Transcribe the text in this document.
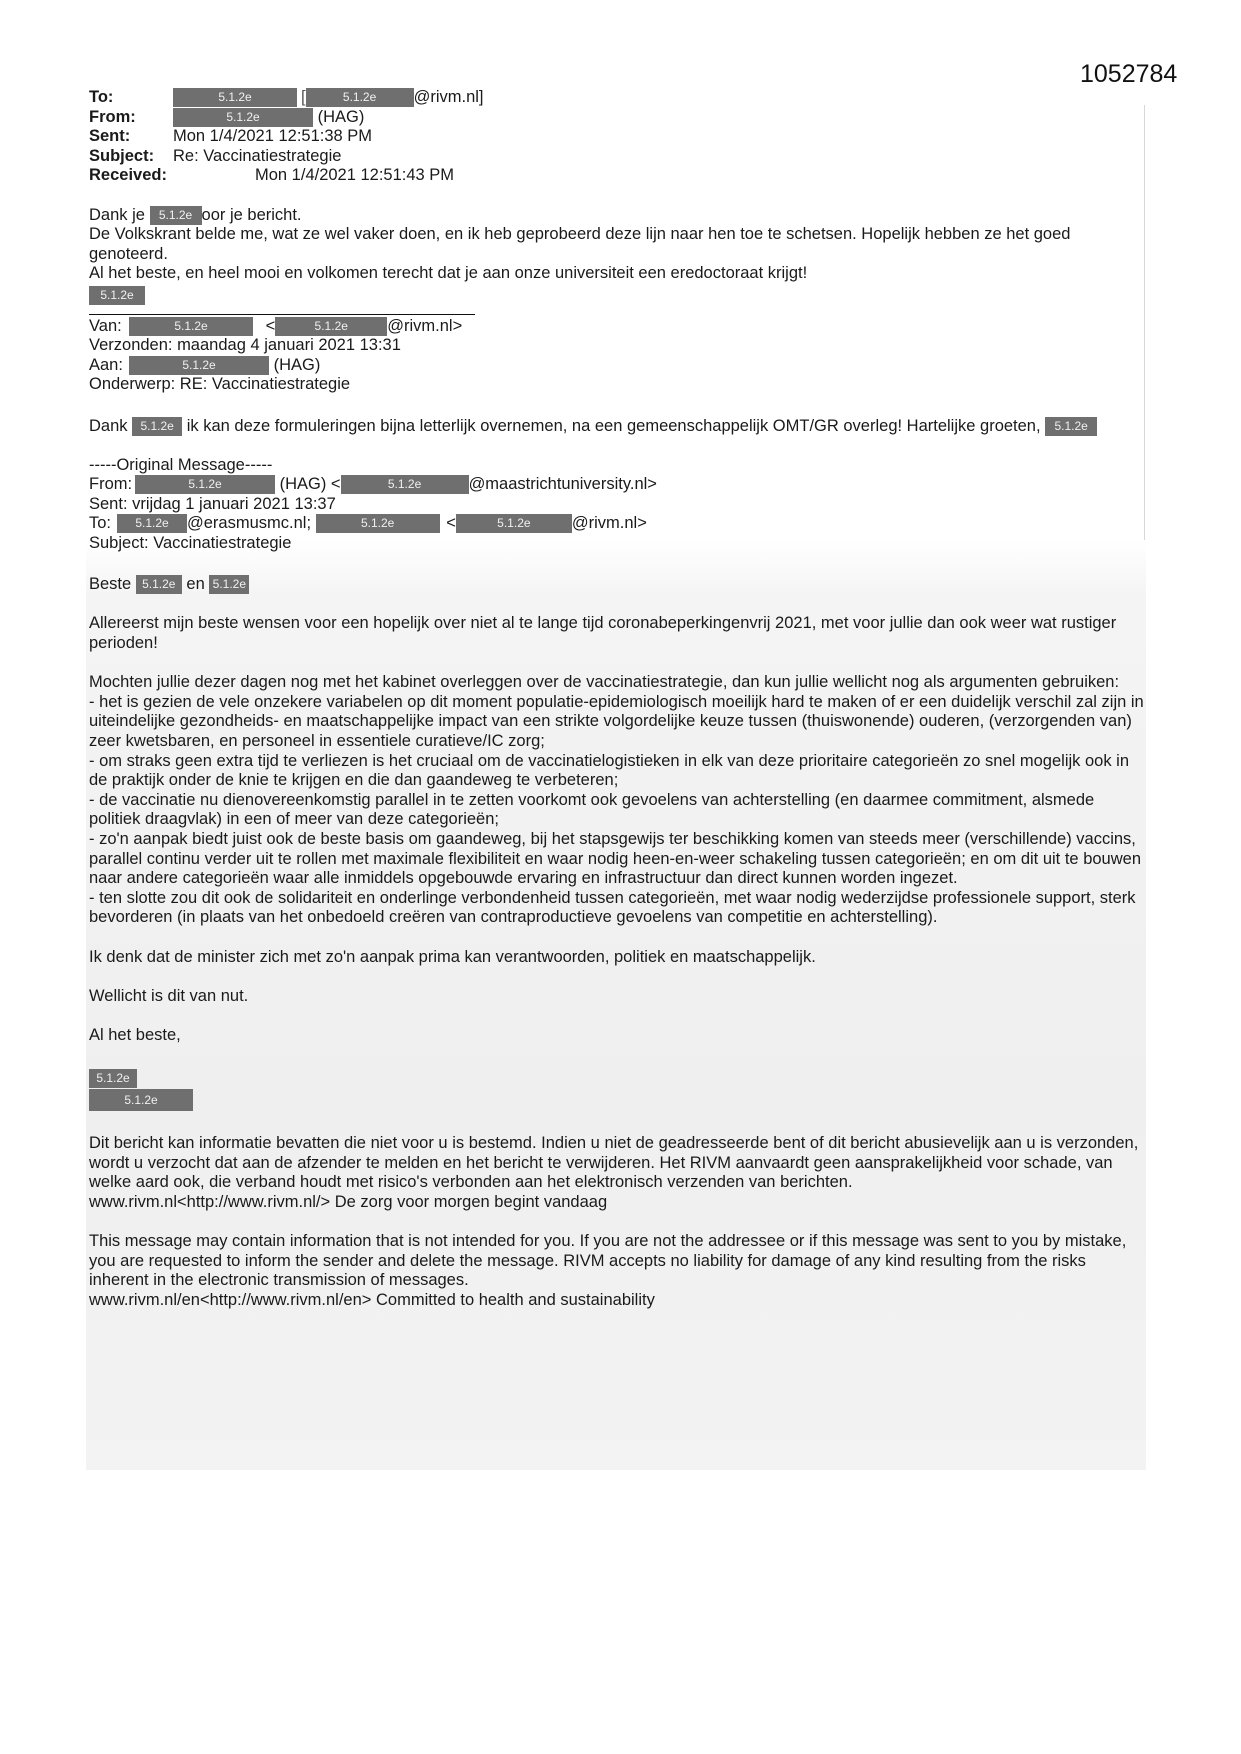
1052784
To:	5.1.2e	[	5.1.2e @rivm.nl]
From:	5.1.2e	(HAG)
Sent:	Mon 1/4/2021 12:51:38 PM
Subject: Re: Vaccinatiestrategie
Received:	Mon 1/4/2021 12:51:43 PM
Dank je 5.1.2e oor je bericht.
De Volkskrant belde me, wat ze wel vaker doen, en ik heb geprobeerd deze lijn naar hen toe te schetsen. Hopelijk hebben ze het goed genoteerd.
Al het beste, en heel mooi en volkomen terecht dat je aan onze universiteit een eredoctoraat krijgt!
5.1.2e
Van:	5.1.2e	<	5.1.2e @rivm.nl>
Verzonden: maandag 4 januari 2021 13:31
Aan:	5.1.2e	(HAG)
Onderwerp: RE: Vaccinatiestrategie
Dank 5.1.2e ik kan deze formuleringen bijna letterlijk overnemen, na een gemeenschappelijk OMT/GR overleg! Hartelijke groeten, 5.1.2e
-----Original Message-----
From:	5.1.2e	(HAG) <	5.1.2e	@maastrichtuniversity.nl>
Sent: vrijdag 1 januari 2021 13:37
To: 5.1.2e @erasmusmc.nl;	5.1.2e	<	5.1.2e	@rivm.nl>
Subject: Vaccinatiestrategie
Beste 5.1.2e en 5.1.2e
Allereerst mijn beste wensen voor een hopelijk over niet al te lange tijd coronabeperkingenvrij 2021, met voor jullie dan ook weer wat rustiger perioden!
Mochten jullie dezer dagen nog met het kabinet overleggen over de vaccinatiestrategie, dan kun jullie wellicht nog als argumenten gebruiken:
- het is gezien de vele onzekere variabelen op dit moment populatie-epidemiologisch moeilijk hard te maken of er een duidelijk verschil zal zijn in uiteindelijke gezondheids- en maatschappelijke impact van een strikte volgordelijke keuze tussen (thuiswonende) ouderen, (verzorgenden van) zeer kwetsbaren, en personeel in essentiele curatieve/IC zorg;
- om straks geen extra tijd te verliezen is het cruciaal om de vaccinatielogistieken in elk van deze prioritaire categorieën zo snel mogelijk ook in de praktijk onder de knie te krijgen en die dan gaandeweg te verbeteren;
- de vaccinatie nu dienovereenkomstig parallel in te zetten voorkomt ook gevoelens van achterstelling (en daarmee commitment, alsmede politiek draagvlak) in een of meer van deze categorieën;
- zo'n aanpak biedt juist ook de beste basis om gaandeweg, bij het stapsgewijs ter beschikking komen van steeds meer (verschillende) vaccins, parallel continu verder uit te rollen met maximale flexibiliteit en waar nodig heen-en-weer schakeling tussen categorieën; en om dit uit te bouwen naar andere categorieën waar alle inmiddels opgebouwde ervaring en infrastructuur dan direct kunnen worden ingezet.
- ten slotte zou dit ook de solidariteit en onderlinge verbondenheid tussen categorieën, met waar nodig wederzijdse professionele support, sterk bevorderen (in plaats van het onbedoeld creëren van contraproductieve gevoelens van competitie en achterstelling).
Ik denk dat de minister zich met zo'n aanpak prima kan verantwoorden, politiek en maatschappelijk.
Wellicht is dit van nut.
Al het beste,
5.1.2e
5.1.2e
Dit bericht kan informatie bevatten die niet voor u is bestemd. Indien u niet de geadresseerde bent of dit bericht abusievelijk aan u is verzonden, wordt u verzocht dat aan de afzender te melden en het bericht te verwijderen. Het RIVM aanvaardt geen aansprakelijkheid voor schade, van welke aard ook, die verband houdt met risico's verbonden aan het elektronisch verzenden van berichten.
www.rivm.nl<http://www.rivm.nl/> De zorg voor morgen begint vandaag
This message may contain information that is not intended for you. If you are not the addressee or if this message was sent to you by mistake, you are requested to inform the sender and delete the message. RIVM accepts no liability for damage of any kind resulting from the risks inherent in the electronic transmission of messages.
www.rivm.nl/en<http://www.rivm.nl/en> Committed to health and sustainability
